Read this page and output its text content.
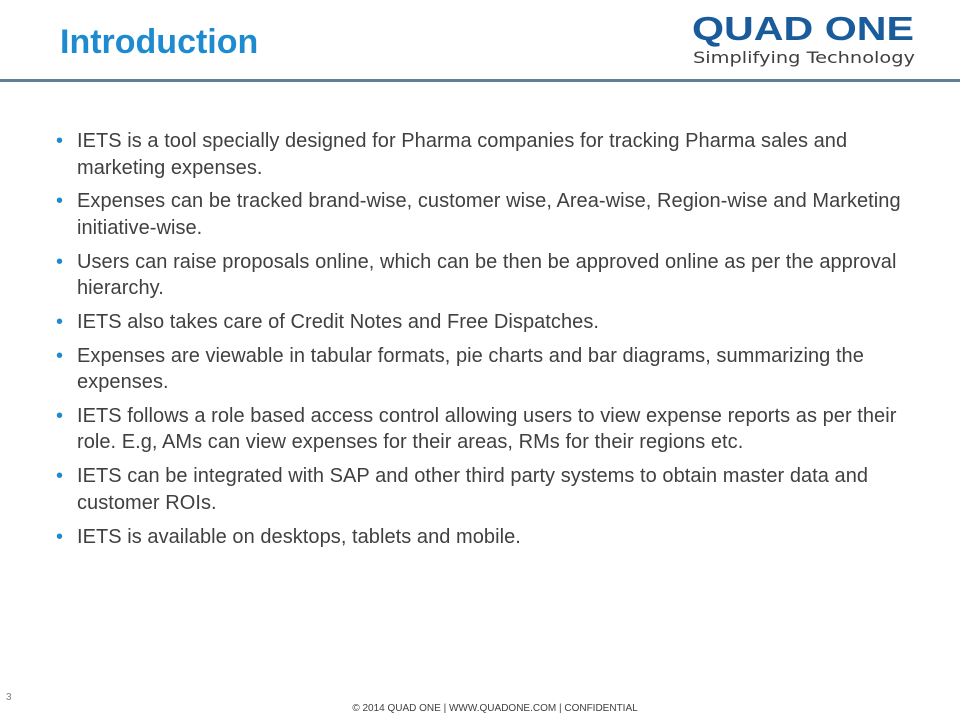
Introduction	QUAD ONE
Simplifying Technology
• IETS is a tool specially designed for Pharma companies for tracking Pharma sales and marketing expenses.
• Expenses can be tracked brand-wise, customer wise, Area-wise, Region-wise and Marketing initiative-wise.
• Users can raise proposals online, which can be then be approved online as per the approval hierarchy.
• IETS also takes care of Credit Notes and Free Dispatches.
• Expenses are viewable in tabular formats, pie charts and bar diagrams, summarizing the expenses.
• IETS follows a role based access control allowing users to view expense reports as per their role. E.g, AMs can view expenses for their areas, RMs for their regions etc.
• IETS can be integrated with SAP and other third party systems to obtain master data and customer ROIs.
• IETS is available on desktops, tablets and mobile.
3
© 2014 QUAD ONE | WWW.QUADONE.COM | CONFIDENTIAL
